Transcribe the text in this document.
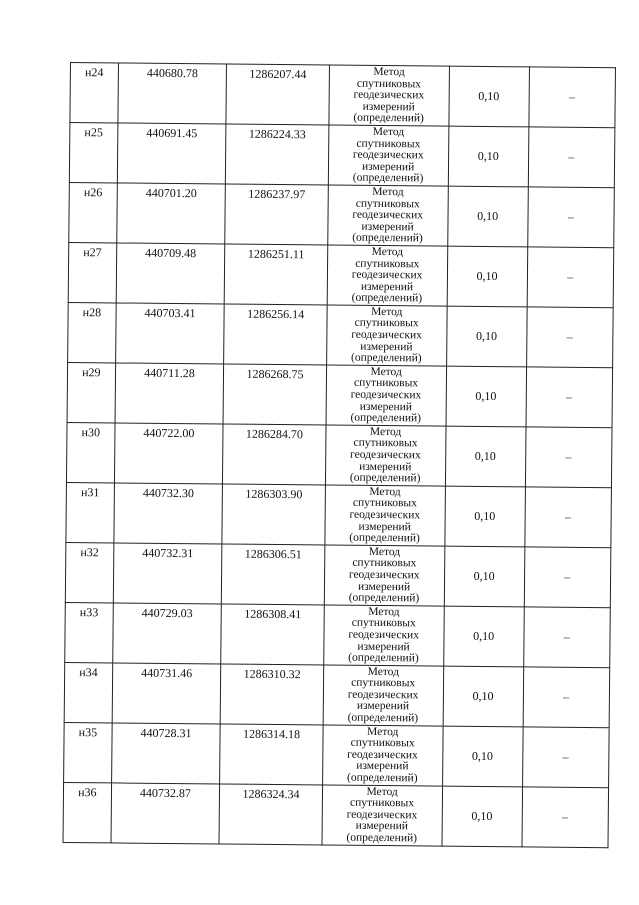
н24	440680.78	1286207.44	Метод
спутниковых
геодезических
измерений
(определений)	0,10	–

н25	440691.45	1286224.33	Метод
спутниковых
геодезических
измерений
(определений)	0,10	–

н26	440701.20	1286237.97	Метод
спутниковых
геодезических
измерений
(определений)	0,10	–

н27	440709.48	1286251.11	Метод
спутниковых
геодезических
измерений
(определений)	0,10	–

н28	440703.41	1286256.14	Метод
спутниковых
геодезических
измерений
(определений)	0,10	–

н29	440711.28	1286268.75	Метод
спутниковых
геодезических
измерений
(определений)	0,10	–

н30	440722.00	1286284.70	Метод
спутниковых
геодезических
измерений
(определений)	0,10	–

н31	440732.30	1286303.90	Метод
спутниковых
геодезических
измерений
(определений)	0,10	–

н32	440732.31	1286306.51	Метод
спутниковых
геодезических
измерений
(определений)	0,10	–

н33	440729.03	1286308.41	Метод
спутниковых
геодезических
измерений
(определений)	0,10	–

н34	440731.46	1286310.32	Метод
спутниковых
геодезических
измерений
(определений)	0,10	–

н35	440728.31	1286314.18	Метод
спутниковых
геодезических
измерений
(определений)	0,10	–

н36	440732.87	1286324.34	Метод
спутниковых
геодезических
измерений
(определений)	0,10	–
